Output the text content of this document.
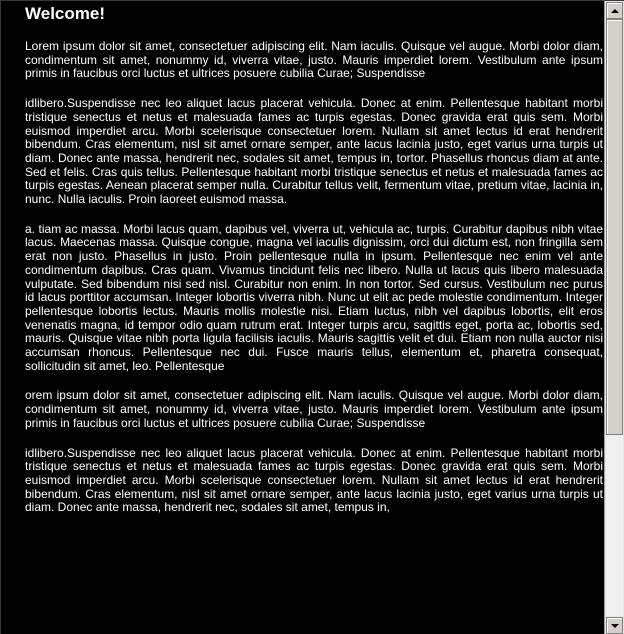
Welcome!

Lorem ipsum dolor sit amet, consectetuer adipiscing elit. Nam iaculis. Quisque vel augue. Morbi dolor diam, condimentum sit amet, nonummy id, viverra vitae, justo. Mauris imperdiet lorem. Vestibulum ante ipsum primis in faucibus orci luctus et ultrices posuere cubilia Curae; Suspendisse

idlibero.Suspendisse nec leo aliquet lacus placerat vehicula. Donec at enim. Pellentesque habitant morbi tristique senectus et netus et malesuada fames ac turpis egestas. Donec gravida erat quis sem. Morbi euismod imperdiet arcu. Morbi scelerisque consectetuer lorem. Nullam sit amet lectus id erat hendrerit bibendum. Cras elementum, nisl sit amet ornare semper, ante lacus lacinia justo, eget varius urna turpis ut diam. Donec ante massa, hendrerit nec, sodales sit amet, tempus in, tortor. Phasellus rhoncus diam at ante. Sed et felis. Cras quis tellus. Pellentesque habitant morbi tristique senectus et netus et malesuada fames ac turpis egestas. Aenean placerat semper nulla. Curabitur tellus velit, fermentum vitae, pretium vitae, lacinia in, nunc. Nulla iaculis. Proin laoreet euismod massa.

a. tiam ac massa. Morbi lacus quam, dapibus vel, viverra ut, vehicula ac, turpis. Curabitur dapibus nibh vitae lacus. Maecenas massa. Quisque congue, magna vel iaculis dignissim, orci dui dictum est, non fringilla sem erat non justo. Phasellus in justo. Proin pellentesque nulla in ipsum. Pellentesque nec enim vel ante condimentum dapibus. Cras quam. Vivamus tincidunt felis nec libero. Nulla ut lacus quis libero malesuada vulputate. Sed bibendum nisi sed nisl. Curabitur non enim. In non tortor. Sed cursus. Vestibulum nec purus id lacus porttitor accumsan. Integer lobortis viverra nibh. Nunc ut elit ac pede molestie condimentum. Integer pellentesque lobortis lectus. Mauris mollis molestie nisi. Etiam luctus, nibh vel dapibus lobortis, elit eros venenatis magna, id tempor odio quam rutrum erat. Integer turpis arcu, sagittis eget, porta ac, lobortis sed, mauris. Quisque vitae nibh porta ligula facilisis iaculis. Mauris sagittis velit et dui. Etiam non nulla auctor nisi accumsan rhoncus. Pellentesque nec dui. Fusce mauris tellus, elementum et, pharetra consequat, sollicitudin sit amet, leo. Pellentesque

orem ipsum dolor sit amet, consectetuer adipiscing elit. Nam iaculis. Quisque vel augue. Morbi dolor diam, condimentum sit amet, nonummy id, viverra vitae, justo. Mauris imperdiet lorem. Vestibulum ante ipsum primis in faucibus orci luctus et ultrices posuere cubilia Curae; Suspendisse

idlibero.Suspendisse nec leo aliquet lacus placerat vehicula. Donec at enim. Pellentesque habitant morbi tristique senectus et netus et malesuada fames ac turpis egestas. Donec gravida erat quis sem. Morbi euismod imperdiet arcu. Morbi scelerisque consectetuer lorem. Nullam sit amet lectus id erat hendrerit bibendum. Cras elementum, nisl sit amet ornare semper, ante lacus lacinia justo, eget varius urna turpis ut diam. Donec ante massa, hendrerit nec, sodales sit amet, tempus in,
